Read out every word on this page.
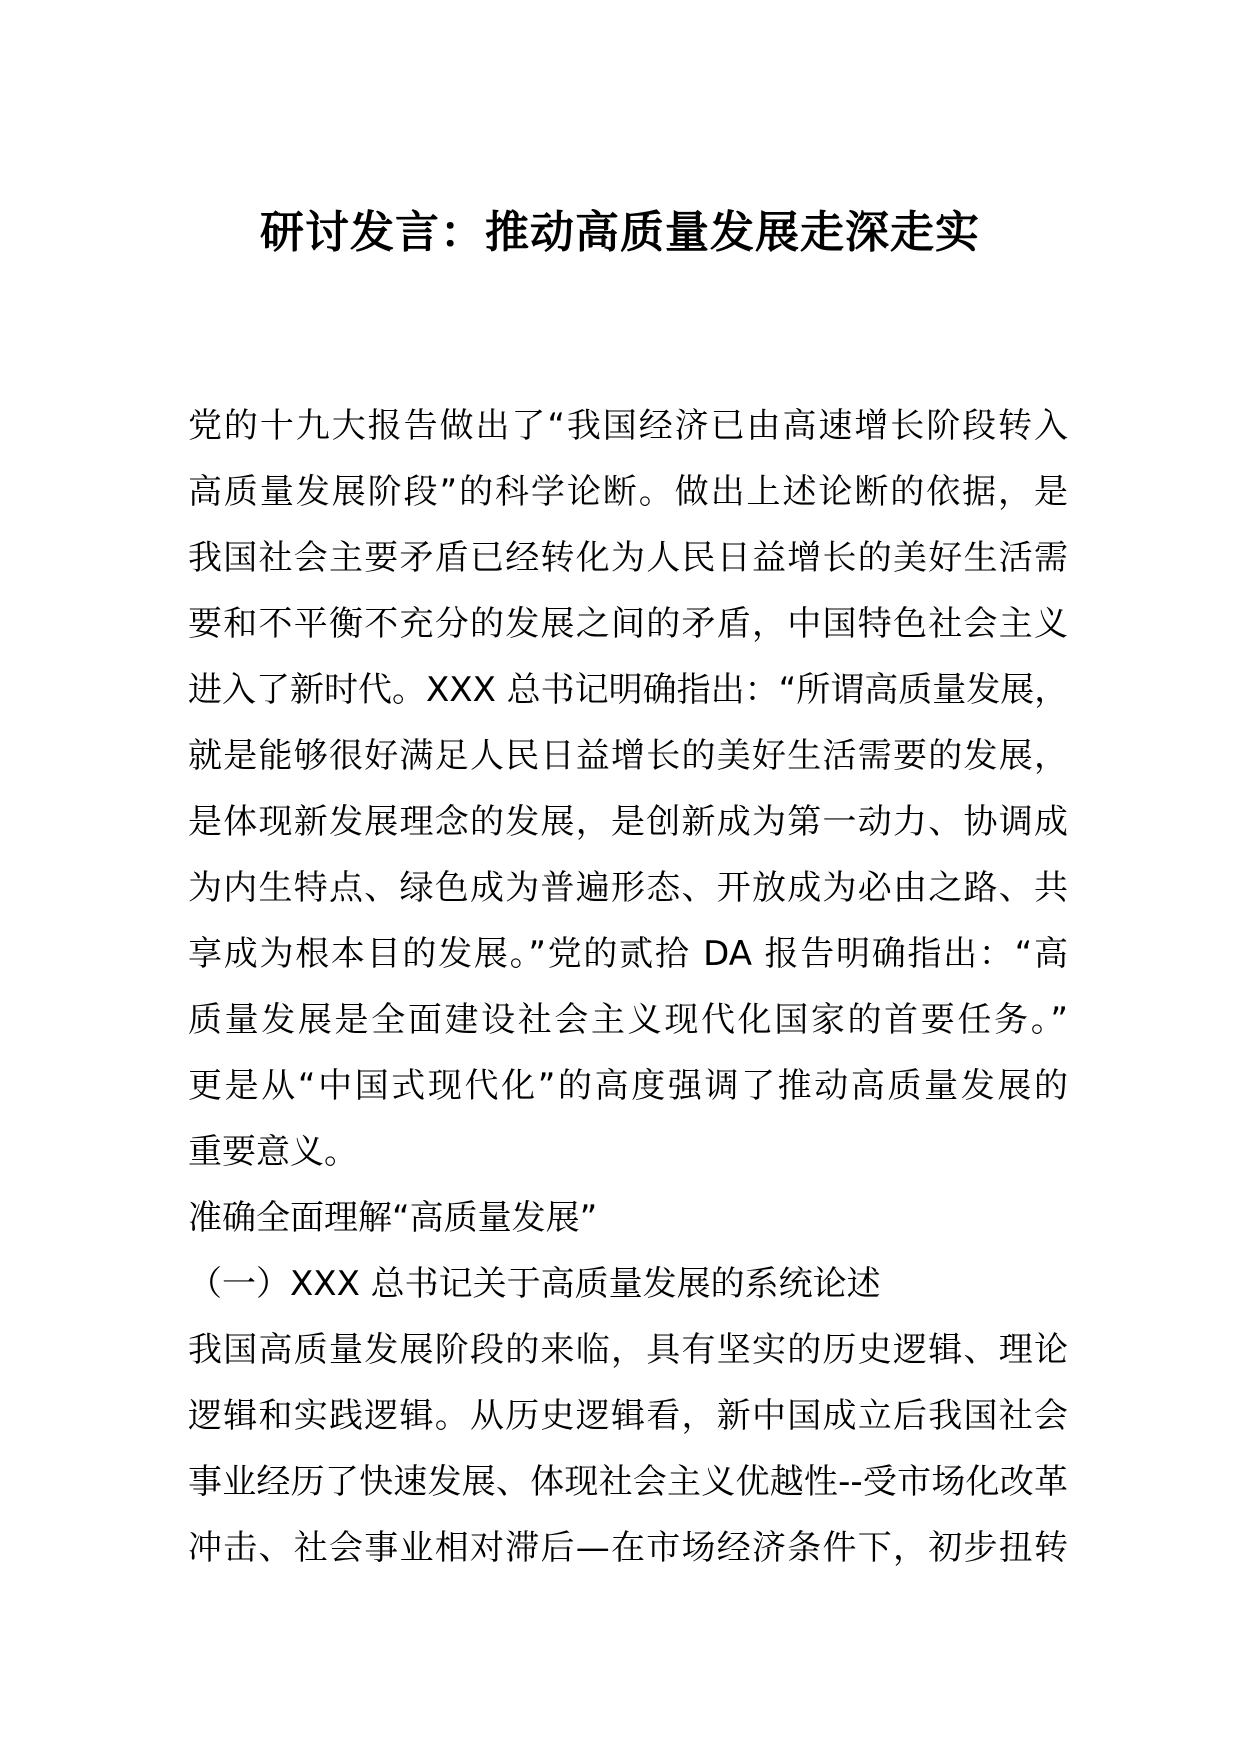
研讨发言：推动高质量发展走深走实
党的十九大报告做出了“我国经济已由高速增长阶段转入
高质量发展阶段”的科学论断。做出上述论断的依据，是
我国社会主要矛盾已经转化为人民日益增长的美好生活需
要和不平衡不充分的发展之间的矛盾，中国特色社会主义
进入了新时代。XXX 总书记明确指出：“所谓高质量发展，
就是能够很好满足人民日益增长的美好生活需要的发展，
是体现新发展理念的发展，是创新成为第一动力、协调成
为内生特点、绿色成为普遍形态、开放成为必由之路、共
享成为根本目的发展。”党的贰拾 DA 报告明确指出：“高
质量发展是全面建设社会主义现代化国家的首要任务。”
更是从“中国式现代化”的高度强调了推动高质量发展的
重要意义。
准确全面理解“高质量发展”
（一）XXX 总书记关于高质量发展的系统论述
我国高质量发展阶段的来临，具有坚实的历史逻辑、理论
逻辑和实践逻辑。从历史逻辑看，新中国成立后我国社会
事业经历了快速发展、体现社会主义优越性--受市场化改革
冲击、社会事业相对滞后—在市场经济条件下，初步扭转
